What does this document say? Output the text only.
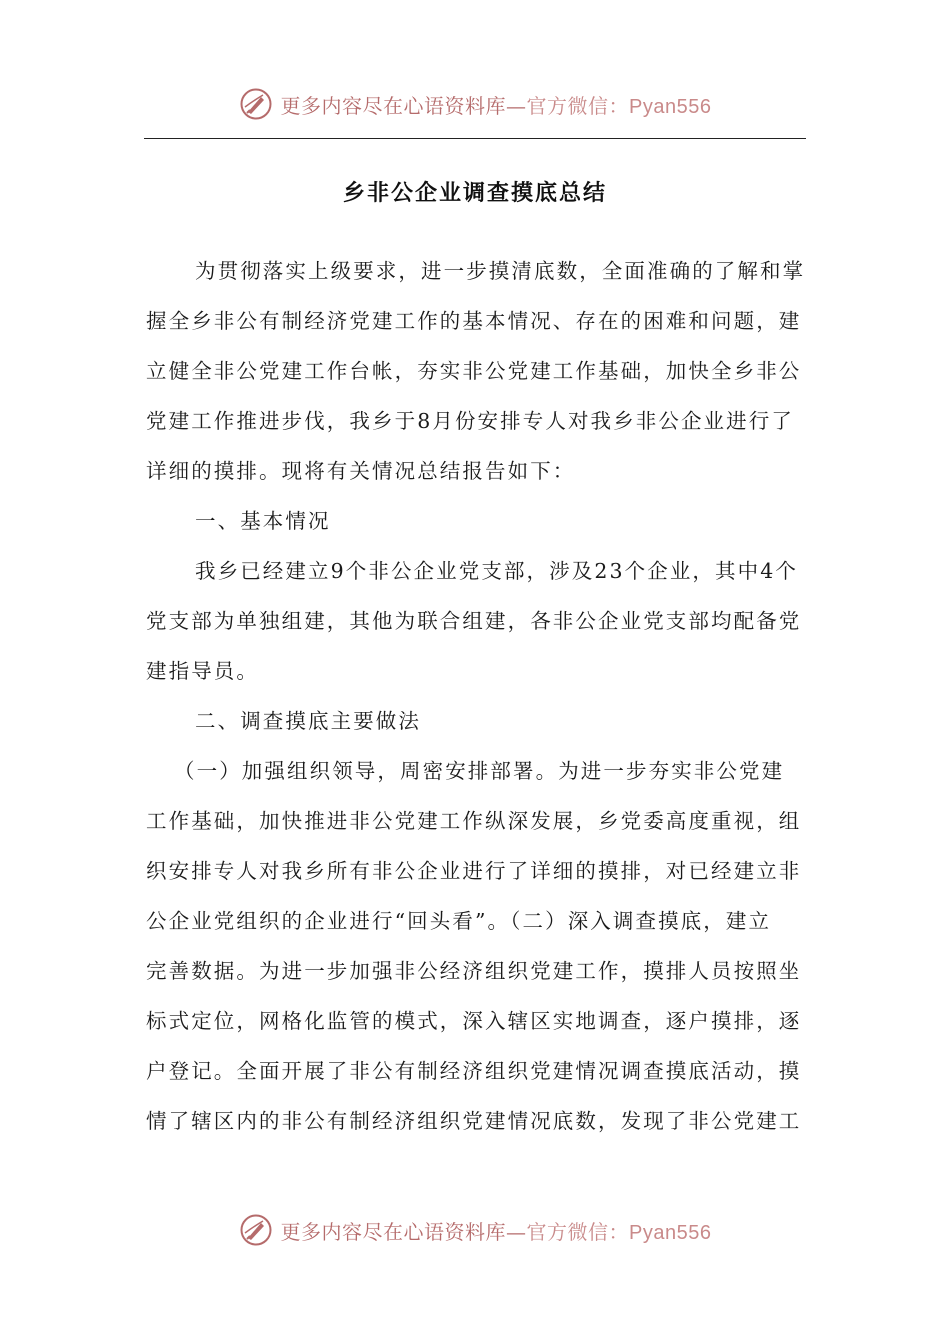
更多内容尽在心语资料库—官方微信：Pyan556
乡非公企业调查摸底总结
为贯彻落实上级要求，进一步摸清底数，全面准确的了解和掌
握全乡非公有制经济党建工作的基本情况、存在的困难和问题，建
立健全非公党建工作台帐，夯实非公党建工作基础，加快全乡非公
党建工作推进步伐，我乡于8月份安排专人对我乡非公企业进行了
详细的摸排。现将有关情况总结报告如下：
一、基本情况
我乡已经建立9个非公企业党支部，涉及23个企业，其中4个
党支部为单独组建，其他为联合组建，各非公企业党支部均配备党
建指导员。
二、调查摸底主要做法
（一）加强组织领导，周密安排部署。为进一步夯实非公党建
工作基础，加快推进非公党建工作纵深发展，乡党委高度重视，组
织安排专人对我乡所有非公企业进行了详细的摸排，对已经建立非
公企业党组织的企业进行“回头看”。（二）深入调查摸底，建立
完善数据。为进一步加强非公经济组织党建工作，摸排人员按照坐
标式定位，网格化监管的模式，深入辖区实地调查，逐户摸排，逐
户登记。全面开展了非公有制经济组织党建情况调查摸底活动，摸
情了辖区内的非公有制经济组织党建情况底数，发现了非公党建工
更多内容尽在心语资料库—官方微信：Pyan556
